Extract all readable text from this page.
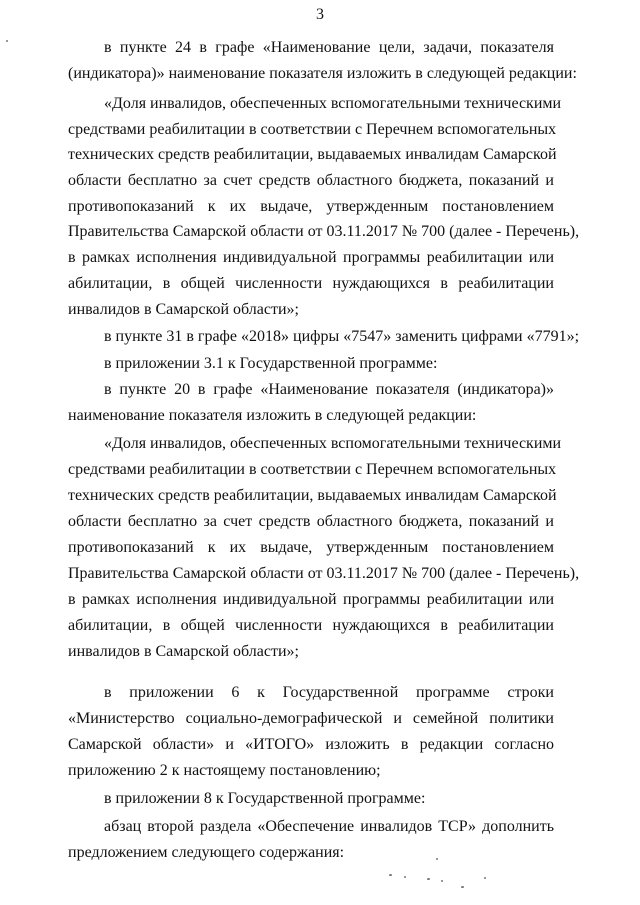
3
в пункте 24 в графе «Наименование цели, задачи, показателя
(индикатора)» наименование показателя изложить в следующей редакции:
«Доля инвалидов, обеспеченных вспомогательными техническими
средствами реабилитации в соответствии с Перечнем вспомогательных
технических средств реабилитации, выдаваемых инвалидам Самарской
области бесплатно за счет средств областного бюджета, показаний и
противопоказаний к их выдаче, утвержденным постановлением
Правительства Самарской области от 03.11.2017 № 700 (далее - Перечень),
в рамках исполнения индивидуальной программы реабилитации или
абилитации, в общей численности нуждающихся в реабилитации
инвалидов в Самарской области»;
в пункте 31 в графе «2018» цифры «7547» заменить цифрами «7791»;
в приложении 3.1 к Государственной программе:
в пункте 20 в графе «Наименование показателя (индикатора)»
наименование показателя изложить в следующей редакции:
«Доля инвалидов, обеспеченных вспомогательными техническими
средствами реабилитации в соответствии с Перечнем вспомогательных
технических средств реабилитации, выдаваемых инвалидам Самарской
области бесплатно за счет средств областного бюджета, показаний и
противопоказаний к их выдаче, утвержденным постановлением
Правительства Самарской области от 03.11.2017 № 700 (далее - Перечень),
в рамках исполнения индивидуальной программы реабилитации или
абилитации, в общей численности нуждающихся в реабилитации
инвалидов в Самарской области»;
в приложении 6 к Государственной программе строки
«Министерство социально-демографической и семейной политики
Самарской области» и «ИТОГО» изложить в редакции согласно
приложению 2 к настоящему постановлению;
в приложении 8 к Государственной программе:
абзац второй раздела «Обеспечение инвалидов ТСР» дополнить
предложением следующего содержания:
